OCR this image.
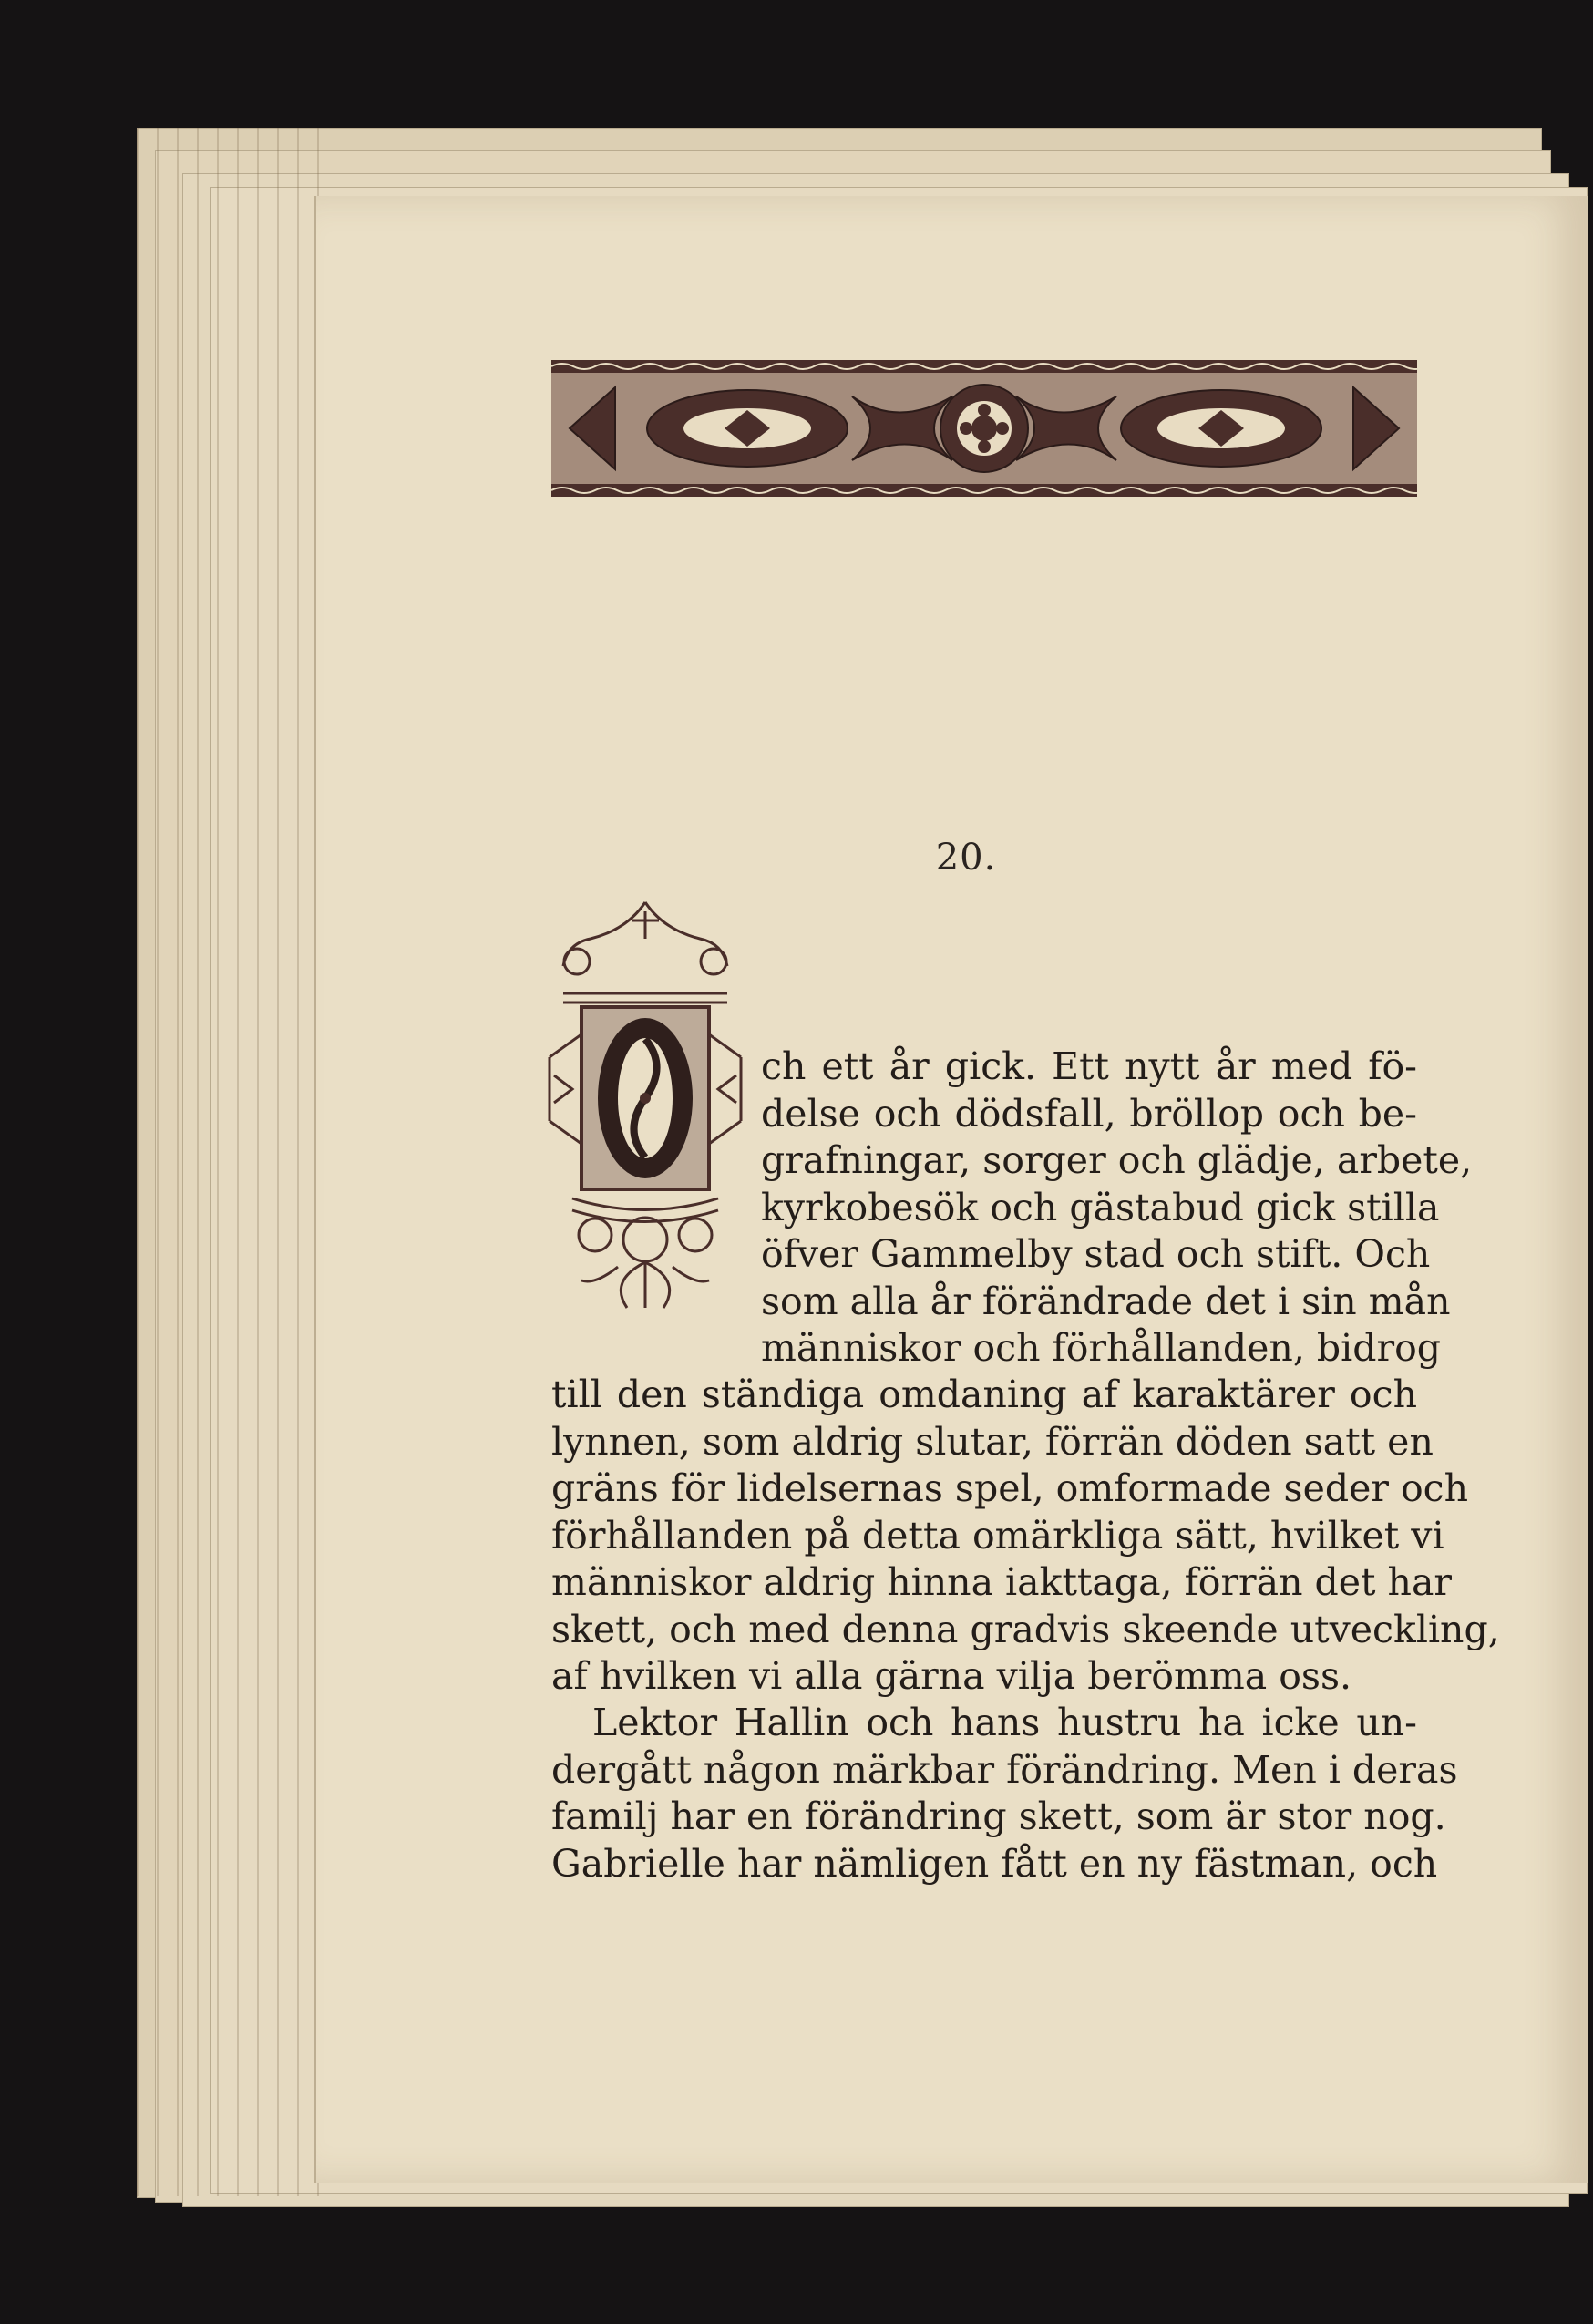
20.
ch ett år gick. Ett nytt år med fö-
delse och dödsfall, bröllop och be-
grafningar, sorger och glädje, arbete,
kyrkobesök och gästabud gick stilla
öfver Gammelby stad och stift. Och
som alla år förändrade det i sin mån
människor och förhållanden, bidrog
till den ständiga omdaning af karaktärer och
lynnen, som aldrig slutar, förrän döden satt en
gräns för lidelsernas spel, omformade seder och
förhållanden på detta omärkliga sätt, hvilket vi
människor aldrig hinna iakttaga, förrän det har
skett, och med denna gradvis skeende utveckling,
af hvilken vi alla gärna vilja berömma oss.
Lektor Hallin och hans hustru ha icke un-
dergått någon märkbar förändring. Men i deras
familj har en förändring skett, som är stor nog.
Gabrielle har nämligen fått en ny fästman, och
